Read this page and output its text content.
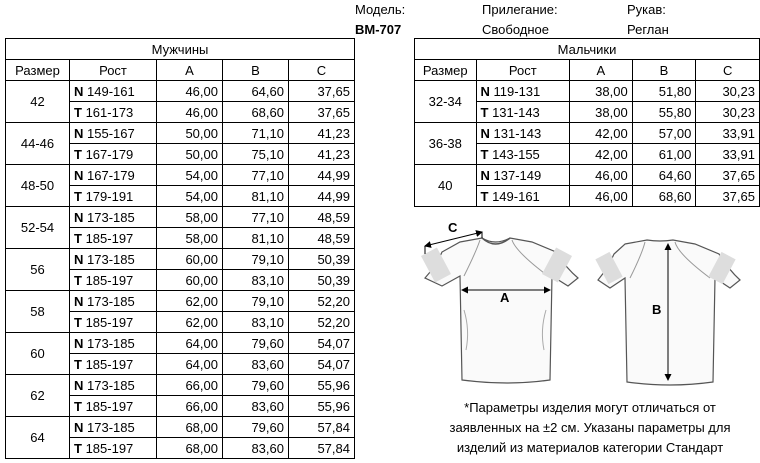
Модель:
BM-707
Прилегание:
Свободное
Рукав:
Реглан
Мужчины				
Размер	Рост	A	B	C
42	N 149-161	46,00	64,60	37,65
	T 161-173	46,00	68,60	37,65
44-46	N 155-167	50,00	71,10	41,23
	T 167-179	50,00	75,10	41,23
48-50	N 167-179	54,00	77,10	44,99
	T 179-191	54,00	81,10	44,99
52-54	N 173-185	58,00	77,10	48,59
	T 185-197	58,00	81,10	48,59
56	N 173-185	60,00	79,10	50,39
	T 185-197	60,00	83,10	50,39
58	N 173-185	62,00	79,10	52,20
	T 185-197	62,00	83,10	52,20
60	N 173-185	64,00	79,60	54,07
	T 185-197	64,00	83,60	54,07
62	N 173-185	66,00	79,60	55,96
	T 185-197	66,00	83,60	55,96
64	N 173-185	68,00	79,60	57,84
	T 185-197	68,00	83,60	57,84
Мальчики				
Размер	Рост	A	B	C
32-34	N 119-131	38,00	51,80	30,23
	T 131-143	38,00	55,80	30,23
36-38	N 131-143	42,00	57,00	33,91
	T 143-155	42,00	61,00	33,91
40	N 137-149	46,00	64,60	37,65
	T 149-161	46,00	68,60	37,65
C
A
B
*Параметры изделия могут отличаться от заявленных на ±2 см. Указаны параметры для изделий из материалов категории Стандарт
